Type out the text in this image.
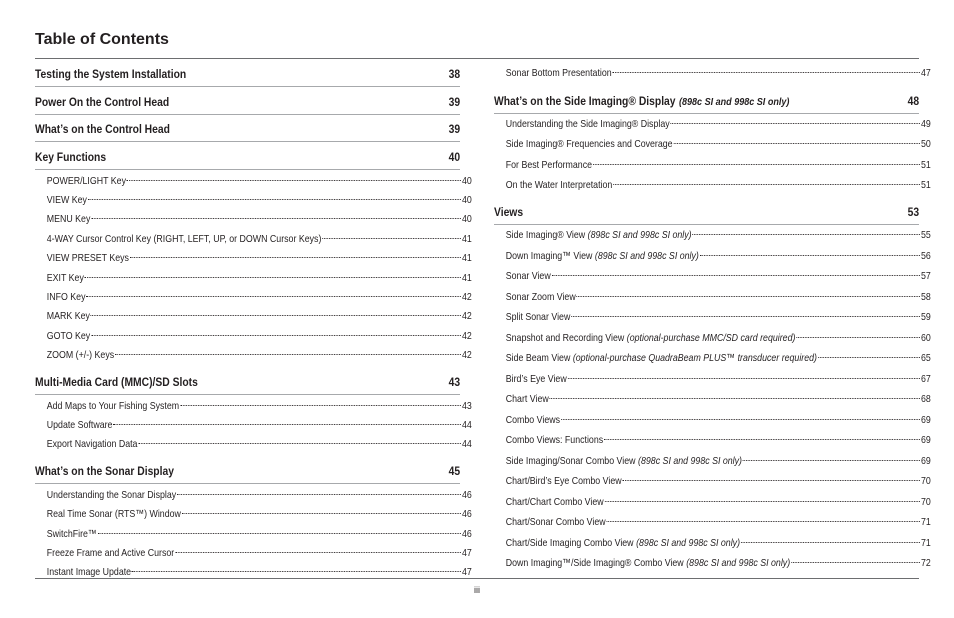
Table of Contents
Testing the System Installation	38
Power On the Control Head	39
What’s on the Control Head	39
Key Functions	40
POWER/LIGHT Key	40
VIEW Key	40
MENU Key	40
4-WAY Cursor Control Key (RIGHT, LEFT, UP, or DOWN Cursor Keys)	41
VIEW PRESET Keys	41
EXIT Key	41
INFO Key	42
MARK Key	42
GOTO Key	42
ZOOM (+/-) Keys	42
Multi-Media Card (MMC)/SD Slots	43
Add Maps to Your Fishing System	43
Update Software	44
Export Navigation Data	44
What’s on the Sonar Display	45
Understanding the Sonar Display	46
Real Time Sonar (RTS™) Window	46
SwitchFire™	46
Freeze Frame and Active Cursor	47
Instant Image Update	47
Sonar Bottom Presentation	47
What’s on the Side Imaging® Display (898c SI and 998c SI only)	48
Understanding the Side Imaging® Display	49
Side Imaging® Frequencies and Coverage	50
For Best Performance	51
On the Water Interpretation	51
Views	53
Side Imaging® View (898c SI and 998c SI only)	55
Down Imaging™ View (898c SI and 998c SI only)	56
Sonar View	57
Sonar Zoom View	58
Split Sonar View	59
Snapshot and Recording View (optional-purchase MMC/SD card required)	60
Side Beam View (optional-purchase QuadraBeam PLUS™ transducer required)	65
Bird’s Eye View	67
Chart View	68
Combo Views	69
Combo Views: Functions	69
Side Imaging/Sonar Combo View (898c SI and 998c SI only)	69
Chart/Bird’s Eye Combo View	70
Chart/Chart Combo View	70
Chart/Sonar Combo View	71
Chart/Side Imaging Combo View (898c SI and 998c SI only)	71
Down Imaging™/Side Imaging® Combo View (898c SI and 998c SI only)	72
iii
